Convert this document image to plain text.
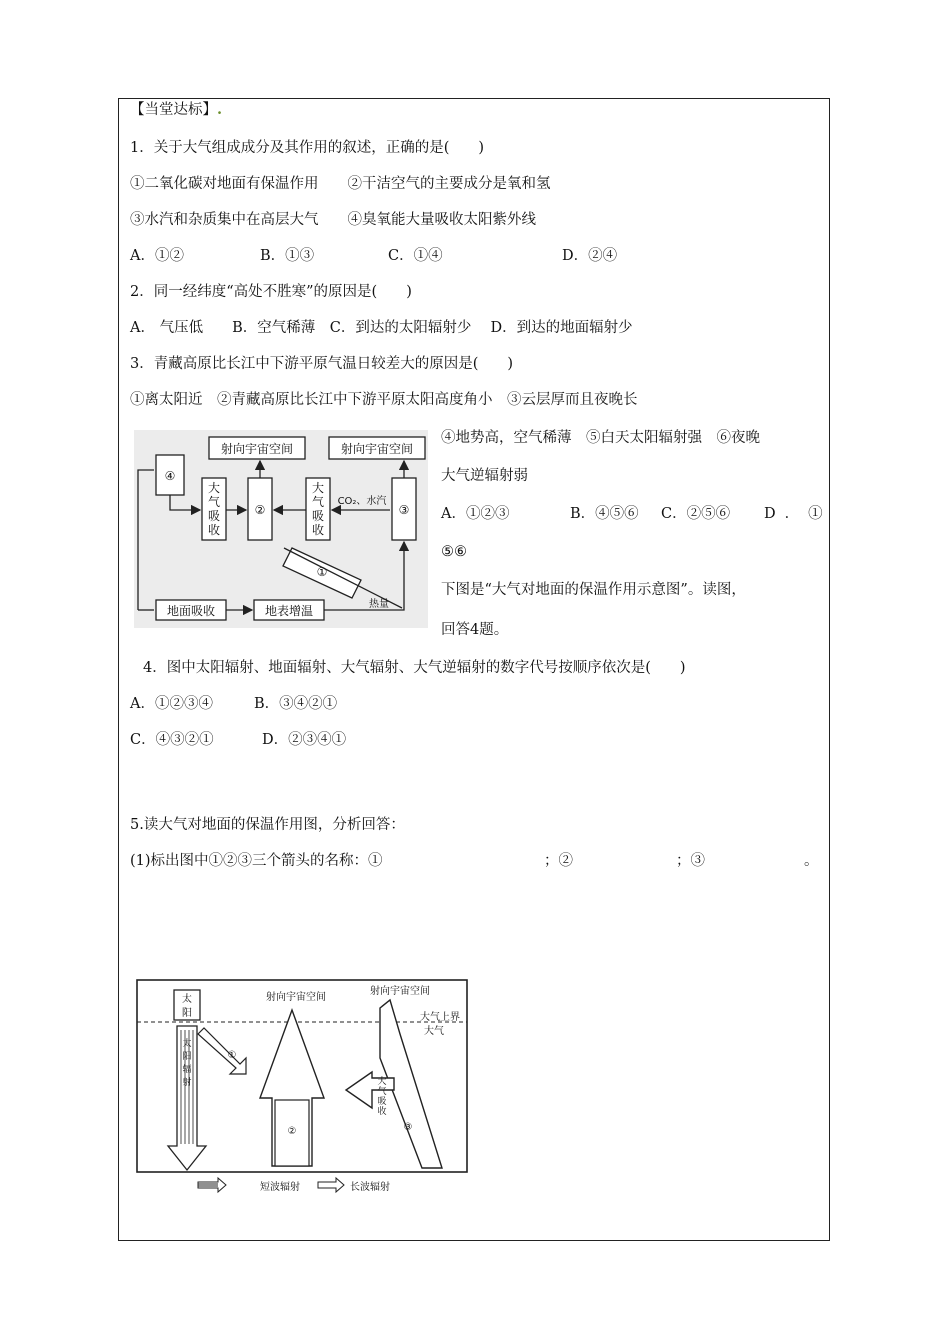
【当堂达标】.
1．关于大气组成成分及其作用的叙述，正确的是(　　)
①二氧化碳对地面有保温作用　　②干洁空气的主要成分是氧和氢
③水汽和杂质集中在高层大气　　④臭氧能大量吸收太阳紫外线
A．①②	B．①③	C．①④	D．②④
2．同一经纬度“高处不胜寒”的原因是(　　)
A． 气压低　　B．空气稀薄　C．到达的太阳辐射少　 D．到达的地面辐射少
3．青藏高原比长江中下游平原气温日较差大的原因是(　　)
①离太阳近　②青藏高原比长江中下游平原太阳高度角小　③云层厚而且夜晚长
④地势高，空气稀薄　⑤白天太阳辐射强　⑥夜晚
大气逆辐射弱
A．①②③	B．④⑤⑥ C．②⑤⑥ D．①
⑤⑥
下图是“大气对地面的保温作用示意图”。读图，
回答4题。
射向宇宙空间	射向宇宙空间
④
②	③
①
地面吸收	地表增温	热量
CO₂、水汽
大气吸收
大气吸收
4．图中太阳辐射、地面辐射、大气辐射、大气逆辐射的数字代号按顺序依次是(　　)
A．①②③④	B．③④②①
C．④③②①	D．②③④①
5.读大气对地面的保温作用图，分析回答：
(1)标出图中①②③三个箭头的名称：①	；②	；③	。
射向宇宙空间
射向宇宙空间
大气上界
大气
①
②	③
短波辐射	长波辐射
太阳
太阳辐射	大气
吸收
